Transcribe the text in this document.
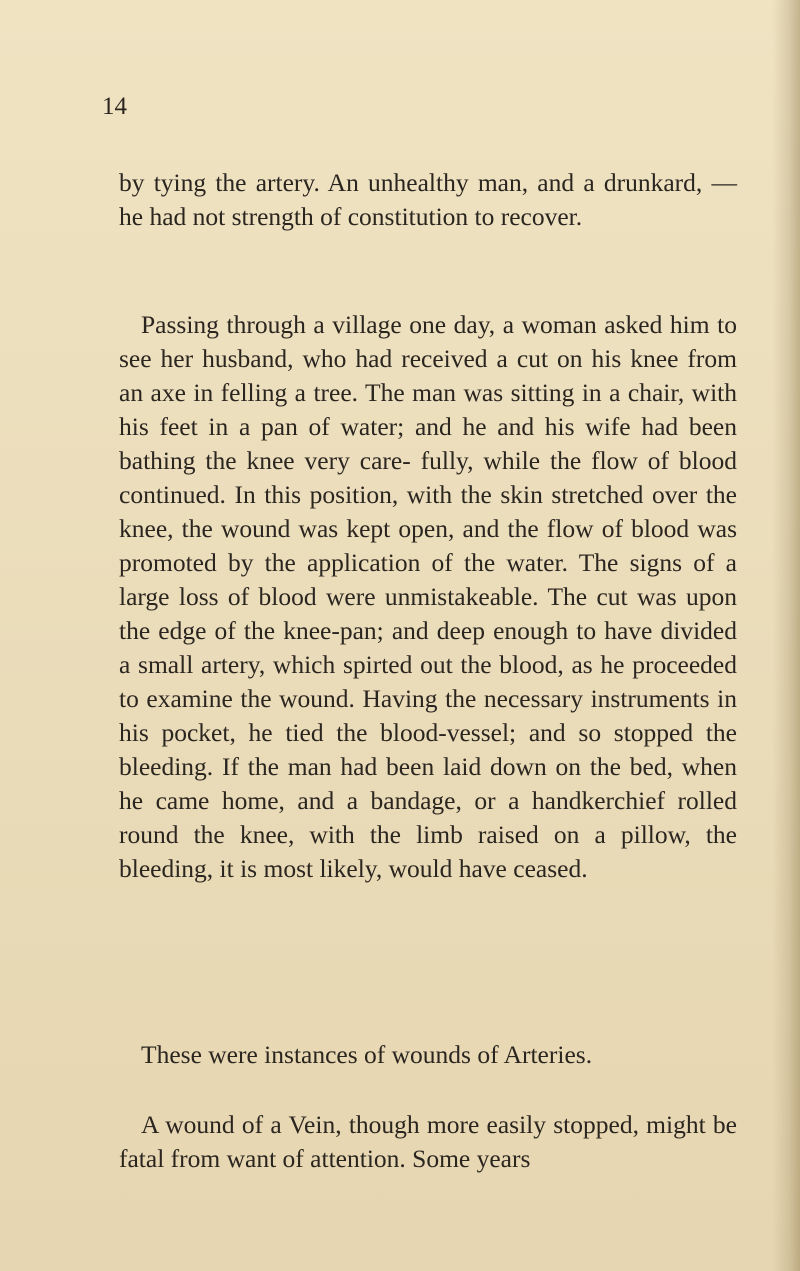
14

by tying the artery. An unhealthy man, and a drunkard, — he had not strength of constitution to recover.

Passing through a village one day, a woman asked him to see her husband, who had received a cut on his knee from an axe in felling a tree. The man was sitting in a chair, with his feet in a pan of water; and he and his wife had been bathing the knee very care- fully, while the flow of blood continued. In this position, with the skin stretched over the knee, the wound was kept open, and the flow of blood was promoted by the application of the water. The signs of a large loss of blood were unmistakeable. The cut was upon the edge of the knee-pan; and deep enough to have divided a small artery, which spirted out the blood, as he proceeded to examine the wound. Having the necessary instruments in his pocket, he tied the blood-vessel; and so stopped the bleeding. If the man had been laid down on the bed, when he came home, and a bandage, or a handkerchief rolled round the knee, with the limb raised on a pillow, the bleeding, it is most likely, would have ceased.

These were instances of wounds of Arteries.

A wound of a Vein, though more easily stopped, might be fatal from want of attention. Some years
